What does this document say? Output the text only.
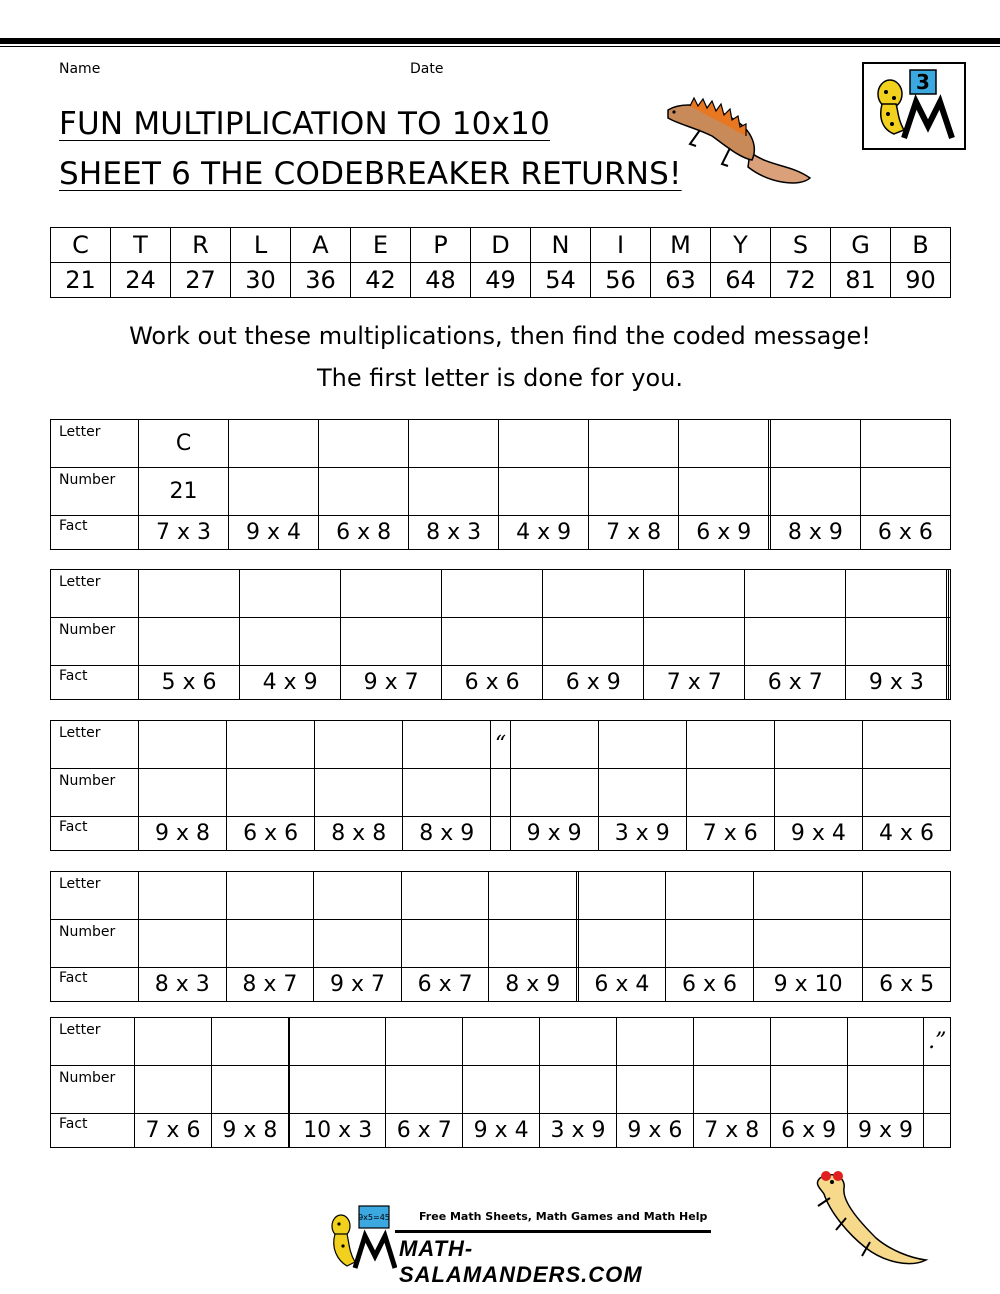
Name	Date
FUN MULTIPLICATION TO 10x10
SHEET 6 THE CODEBREAKER RETURNS!
3
C	T	R	L	A	E	P	D	N	I	M	Y	S	G	B
21	24	27	30	36	42	48	49	54	56	63	64	72	81	90
Work out these multiplications, then find the coded message!
The first letter is done for you.
Letter	C									
Number	21									
Fact	7 x 3	9 x 4	6 x 8	8 x 3	4 x 9	7 x 8	6 x 9		8 x 9	6 x 6
Letter										
Number										
Fact	5 x 6	4 x 9	9 x 7	6 x 6	6 x 9	7 x 7	6 x 7	9 x 3		
Letter					“					
Number										
Fact	9 x 8	6 x 6	8 x 8	8 x 9		9 x 9	3 x 9	7 x 6	9 x 4	4 x 6
Letter										
Number										
Fact	8 x 3	8 x 7	9 x 7	6 x 7	8 x 9		6 x 4	6 x 6	9 x 10	6 x 5
Letter												.”
Number												
Fact	7 x 6	9 x 8		10 x 3	6 x 7	9 x 4	3 x 9	9 x 6	7 x 8	6 x 9	9 x 9	
9x5=45	Free Math Sheets, Math Games and Math Help
MATH-SALAMANDERS.COM
